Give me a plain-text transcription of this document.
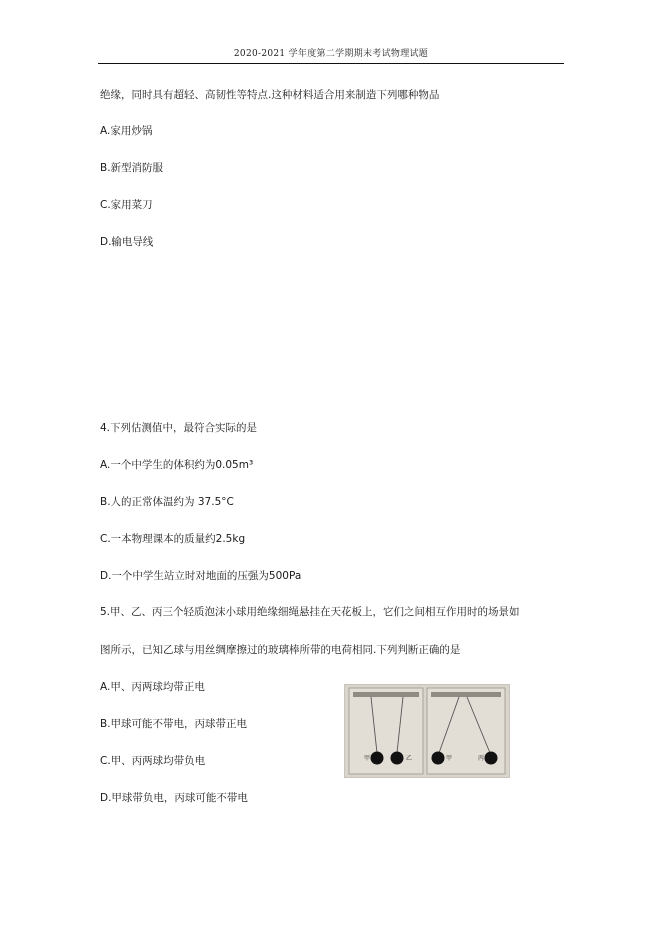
2020-2021 学年度第二学期期末考试物理试题
绝缘，同时具有超轻、高韧性等特点.这种材料适合用来制造下列哪种物品
A.家用炒锅
B.新型消防服
C.家用菜刀
D.输电导线
4.下列估测值中，最符合实际的是
A.一个中学生的体积约为0.05m³
B.人的正常体温约为 37.5°C
C.一本物理课本的质量约2.5kg
D.一个中学生站立时对地面的压强为500Pa
5.甲、乙、丙三个轻质泡沫小球用绝缘细绳悬挂在天花板上，它们之间相互作用时的场景如
图所示，已知乙球与用丝绸摩擦过的玻璃棒所带的电荷相同.下列判断正确的是
A.甲、丙两球均带正电
B.甲球可能不带电，丙球带正电
C.甲、丙两球均带负电
D.甲球带负电，丙球可能不带电
甲	乙	甲	丙
